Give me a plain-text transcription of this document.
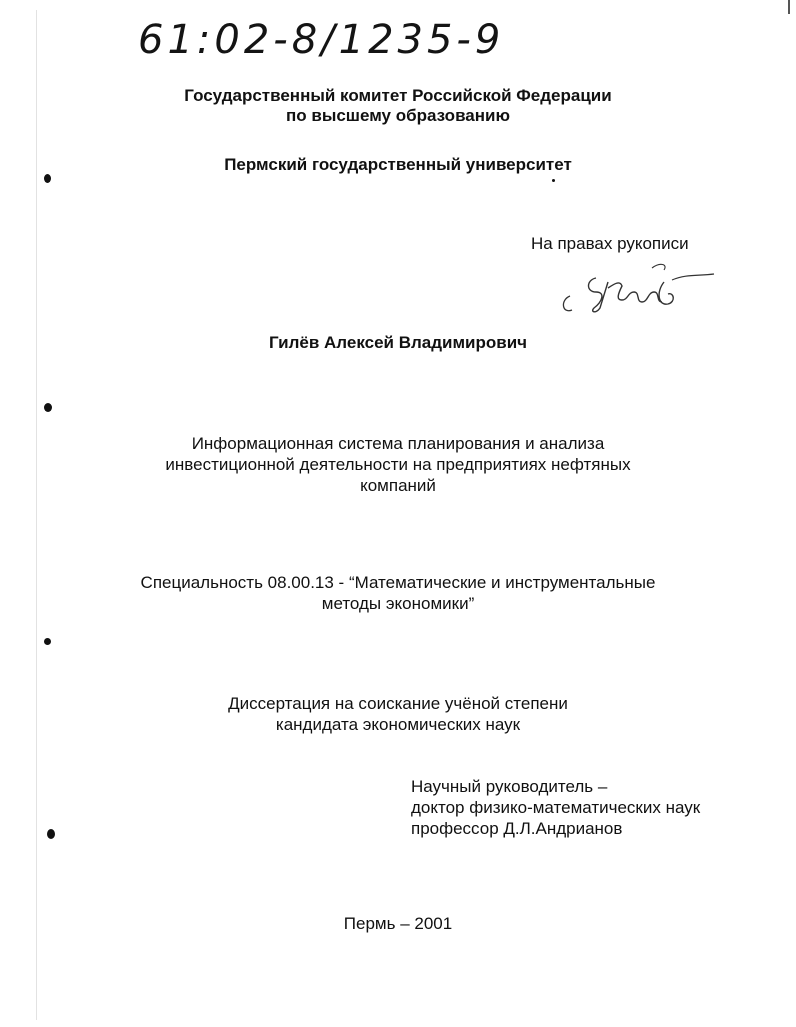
61:02-8/1235-9
Государственный комитет Российской Федерации
по высшему образованию
Пермский государственный университет
На правах рукописи
Гилёв Алексей Владимирович
Информационная система планирования и анализа
инвестиционной деятельности на предприятиях нефтяных
компаний
Специальность 08.00.13 - “Математические и инструментальные
методы экономики”
Диссертация на соискание учёной степени
кандидата экономических наук
Научный руководитель –
доктор физико-математических наук
профессор Д.Л.Андрианов
Пермь – 2001
